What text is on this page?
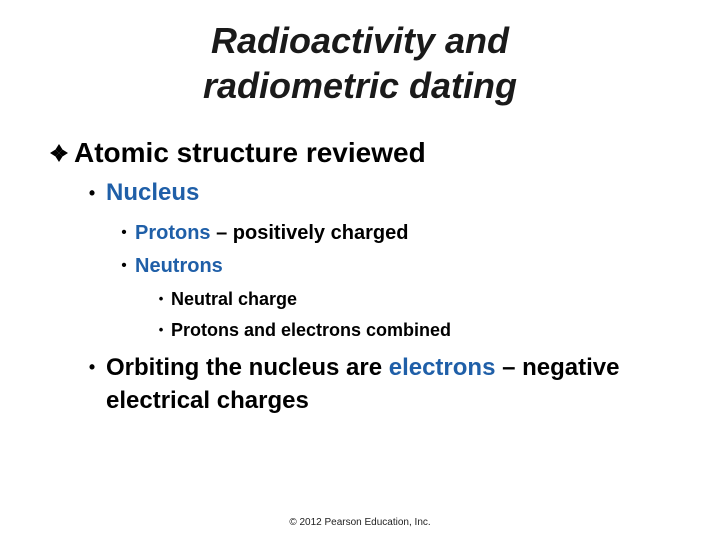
Radioactivity and
radiometric dating
Atomic structure reviewed
• Nucleus
• Protons – positively charged
• Neutrons
• Neutral charge
• Protons and electrons combined
• Orbiting the nucleus are electrons – negative electrical charges
© 2012 Pearson Education, Inc.
